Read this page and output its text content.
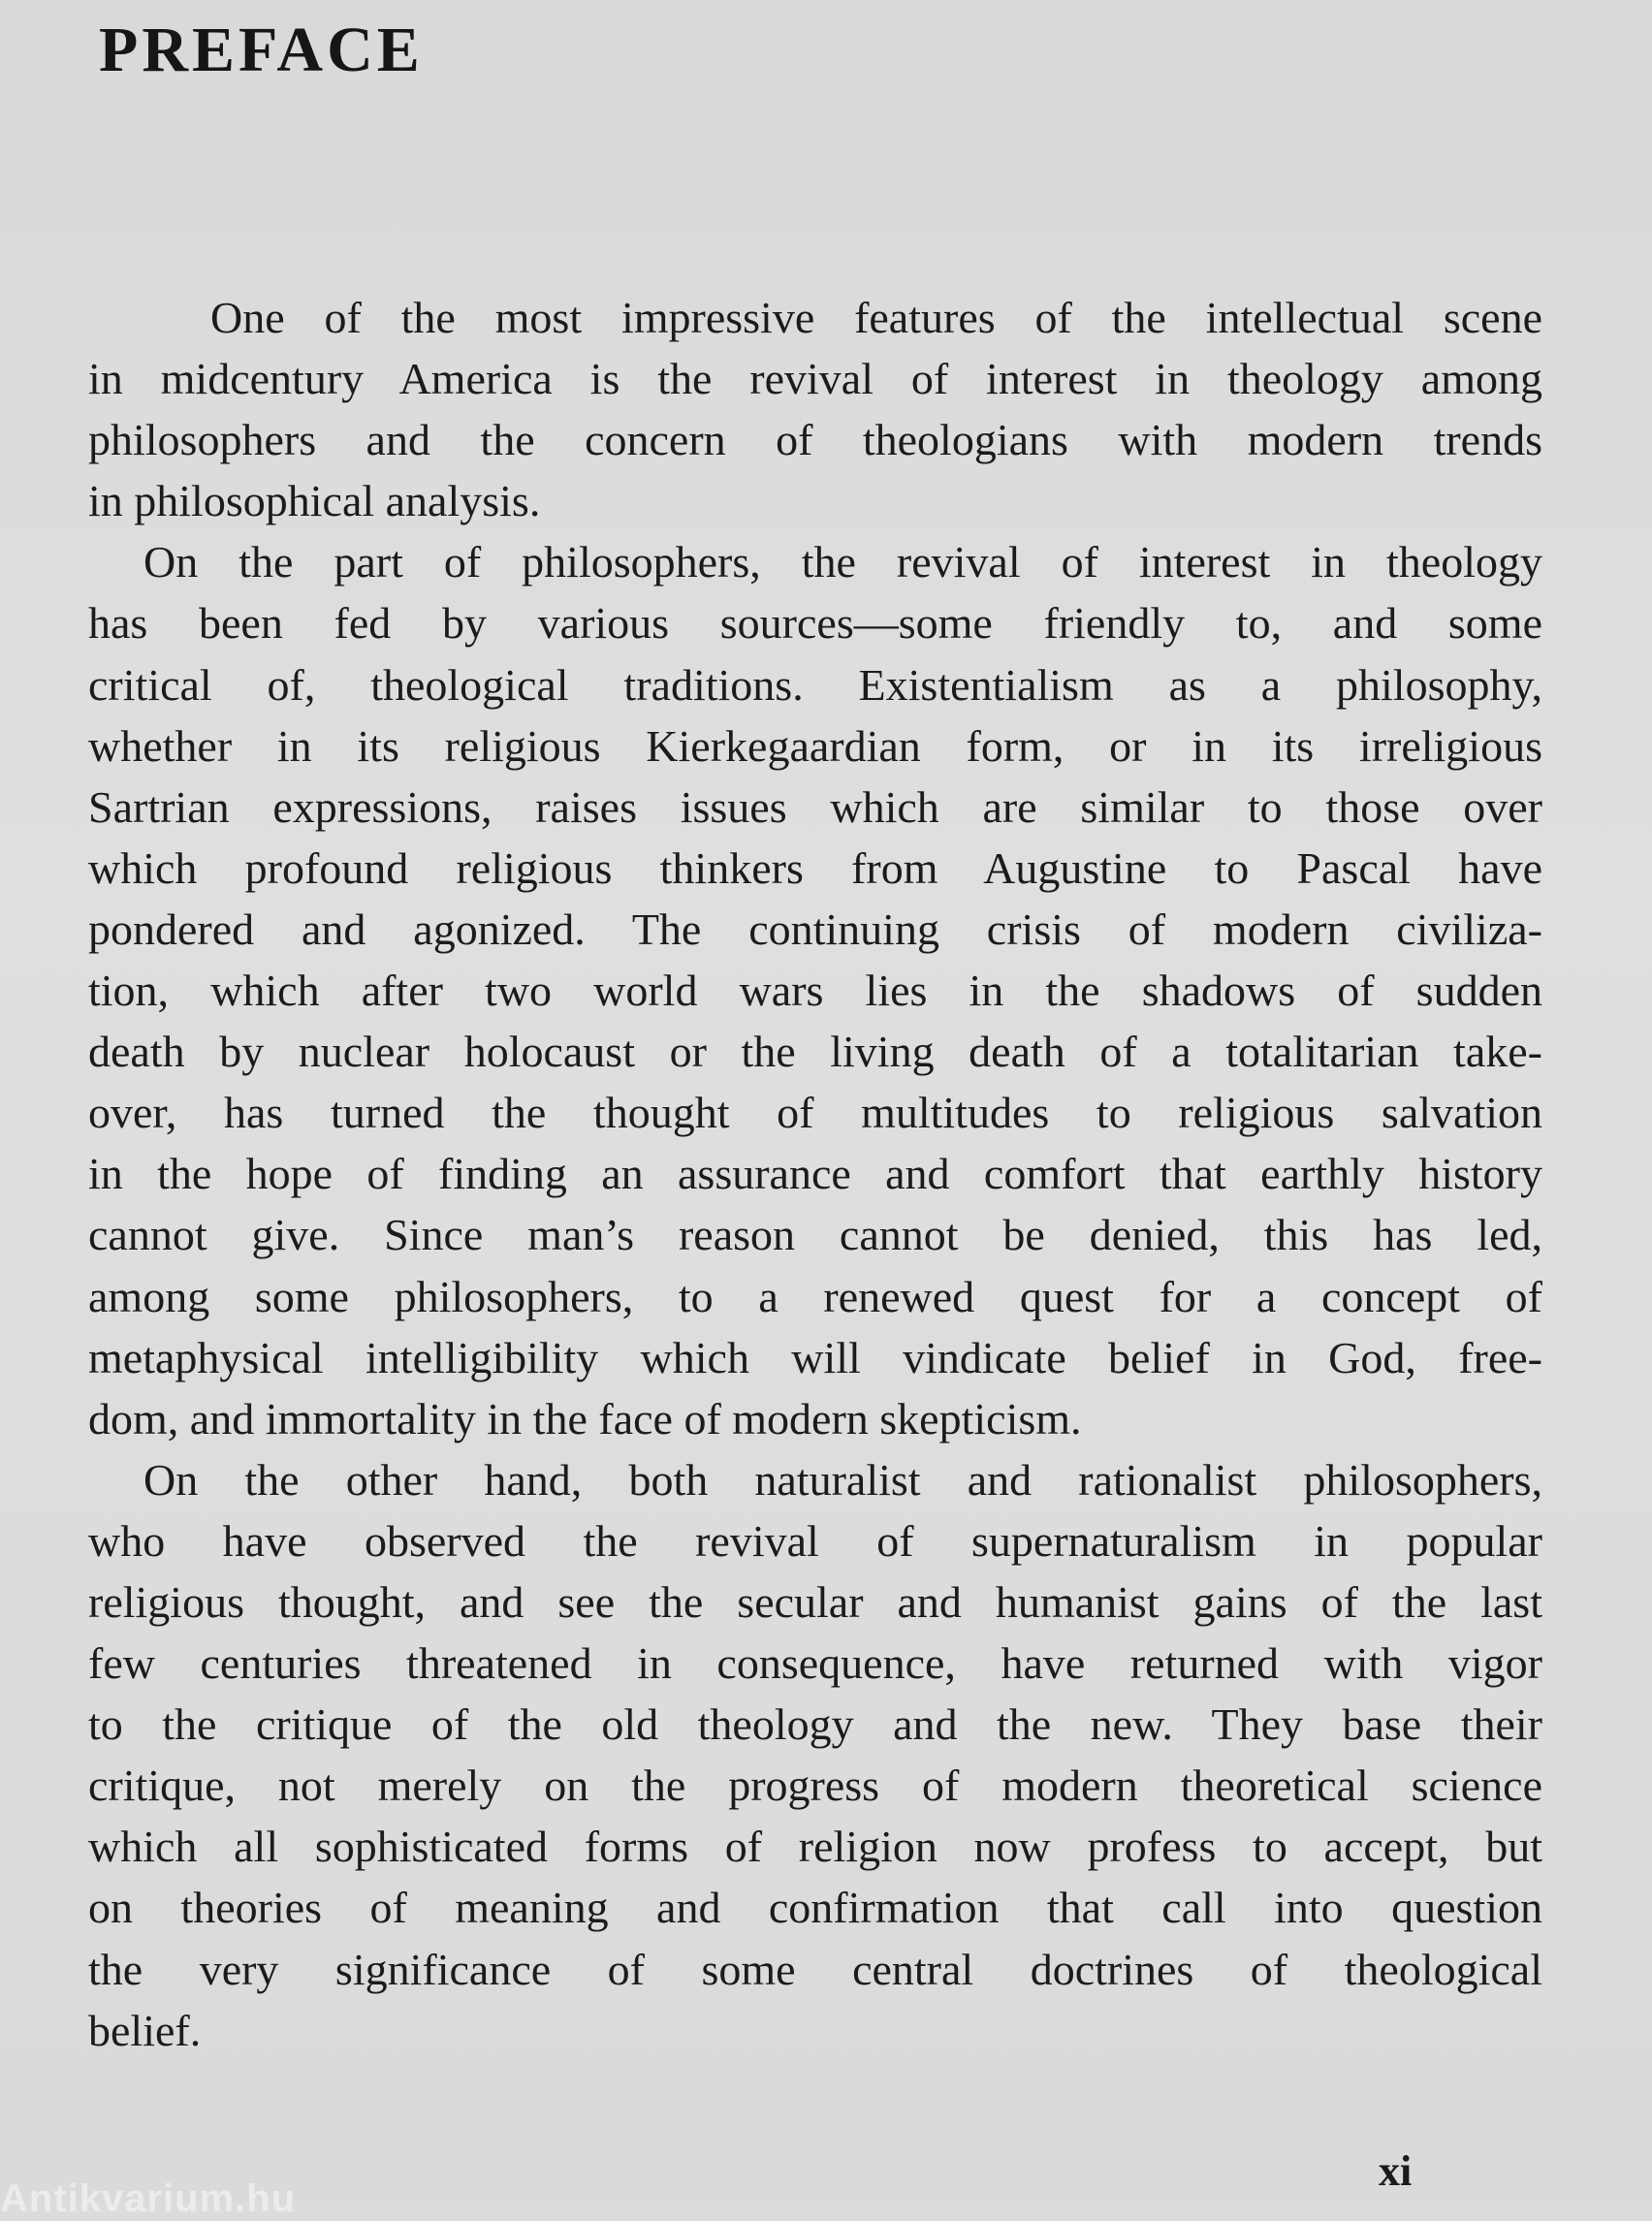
PREFACE
One of the most impressive features of the intellectual scene
in midcentury America is the revival of interest in theology among
philosophers and the concern of theologians with modern trends
in philosophical analysis.
On the part of philosophers, the revival of interest in theology
has been fed by various sources—some friendly to, and some
critical of, theological traditions. Existentialism as a philosophy,
whether in its religious Kierkegaardian form, or in its irreligious
Sartrian expressions, raises issues which are similar to those over
which profound religious thinkers from Augustine to Pascal have
pondered and agonized. The continuing crisis of modern civiliza-
tion, which after two world wars lies in the shadows of sudden
death by nuclear holocaust or the living death of a totalitarian take-
over, has turned the thought of multitudes to religious salvation
in the hope of finding an assurance and comfort that earthly history
cannot give. Since man’s reason cannot be denied, this has led,
among some philosophers, to a renewed quest for a concept of
metaphysical intelligibility which will vindicate belief in God, free-
dom, and immortality in the face of modern skepticism.
On the other hand, both naturalist and rationalist philosophers,
who have observed the revival of supernaturalism in popular
religious thought, and see the secular and humanist gains of the last
few centuries threatened in consequence, have returned with vigor
to the critique of the old theology and the new. They base their
critique, not merely on the progress of modern theoretical science
which all sophisticated forms of religion now profess to accept, but
on theories of meaning and confirmation that call into question
the very significance of some central doctrines of theological
belief.
xi
Antikvarium.hu
